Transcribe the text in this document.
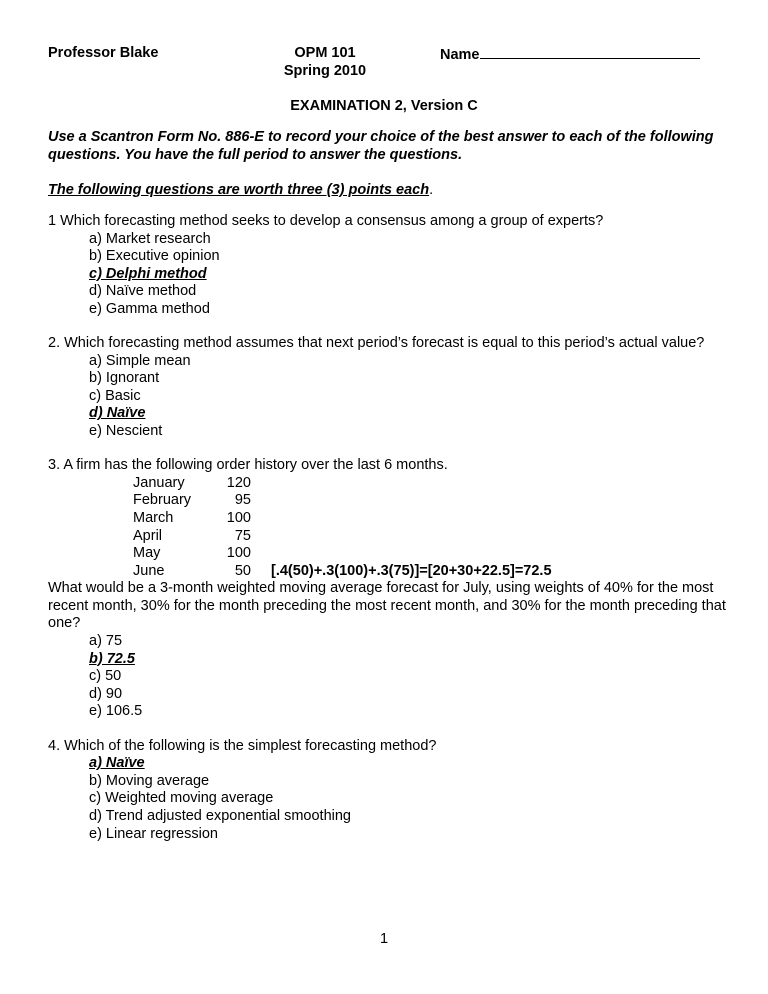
Professor Blake	OPM 101
Spring 2010
Name
EXAMINATION 2, Version C
Use a Scantron Form No. 886-E to record your choice of the best answer to each of the following questions. You have the full period to answer the questions.
The following questions are worth three (3) points each.
1 Which forecasting method seeks to develop a consensus among a group of experts?
a) Market research
b) Executive opinion
c) Delphi method
d) Naïve method
e) Gamma method
2. Which forecasting method assumes that next period’s forecast is equal to this period’s actual value?
a) Simple mean
b) Ignorant
c) Basic
d) Naïve
e) Nescient
3. A firm has the following order history over the last 6 months.
January	120
February	95
March	100
April	75
May	100
June	50	[.4(50)+.3(100)+.3(75)]=[20+30+22.5]=72.5
What would be a 3-month weighted moving average forecast for July, using weights of 40% for the most recent month, 30% for the month preceding the most recent month, and 30% for the month preceding that one?
a) 75
b) 72.5
c) 50
d) 90
e) 106.5
4. Which of the following is the simplest forecasting method?
a) Naïve
b) Moving average
c) Weighted moving average
d) Trend adjusted exponential smoothing
e) Linear regression
1
